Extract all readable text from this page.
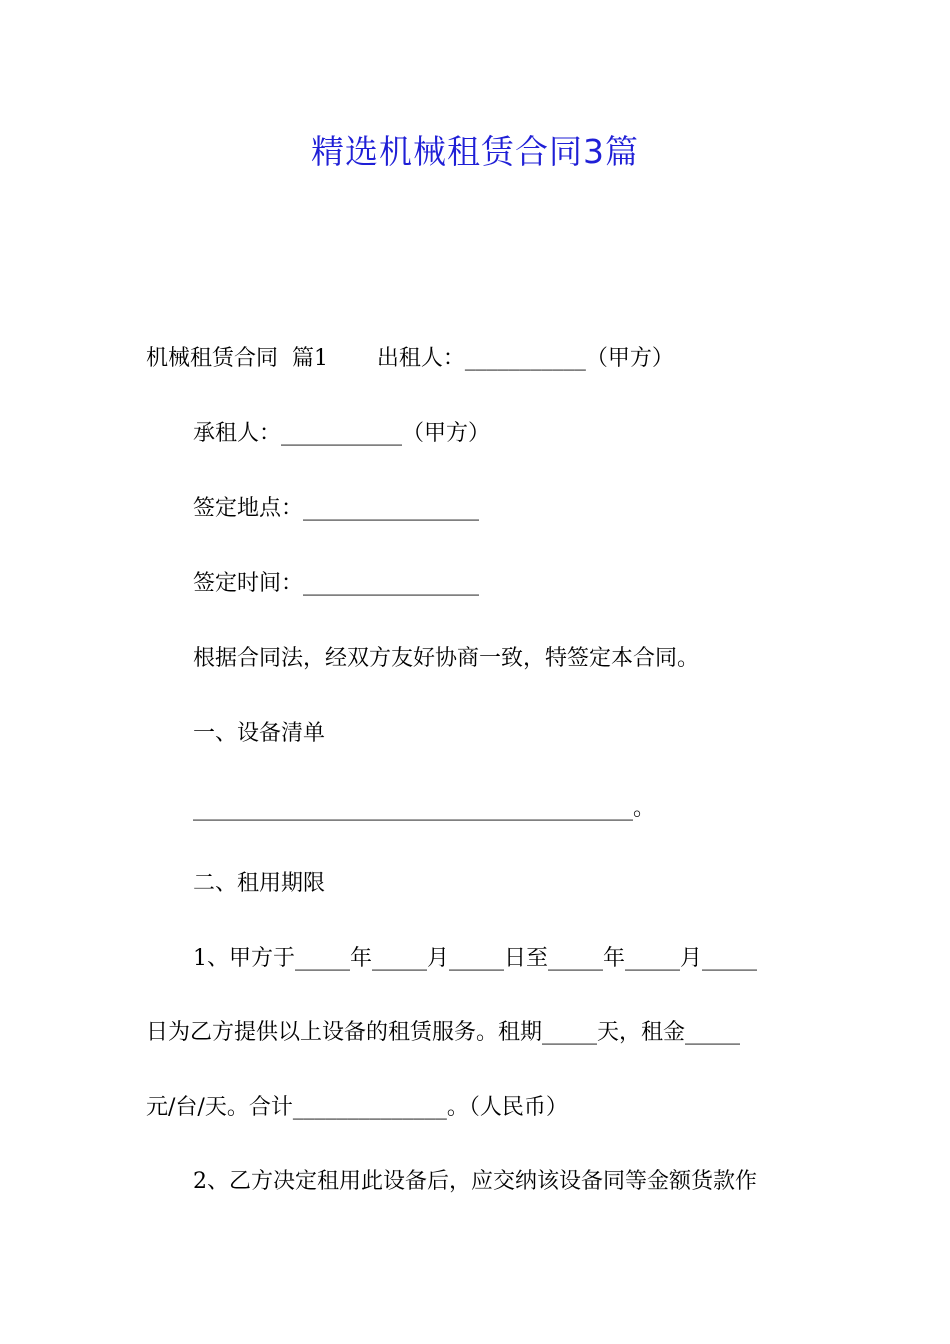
精选机械租赁合同3篇
机械租赁合同  篇1       出租人：___________（甲方）
承租人：___________（甲方）
签定地点：________________
签定时间：________________
根据合同法，经双方友好协商一致，特签定本合同。
一、设备清单
________________________________________。
二、租用期限
1、甲方于_____年_____月_____日至_____年_____月_____
日为乙方提供以上设备的租赁服务。租期_____天，租金_____
元/台/天。合计______________。（人民币）
2、乙方决定租用此设备后，应交纳该设备同等金额货款作
